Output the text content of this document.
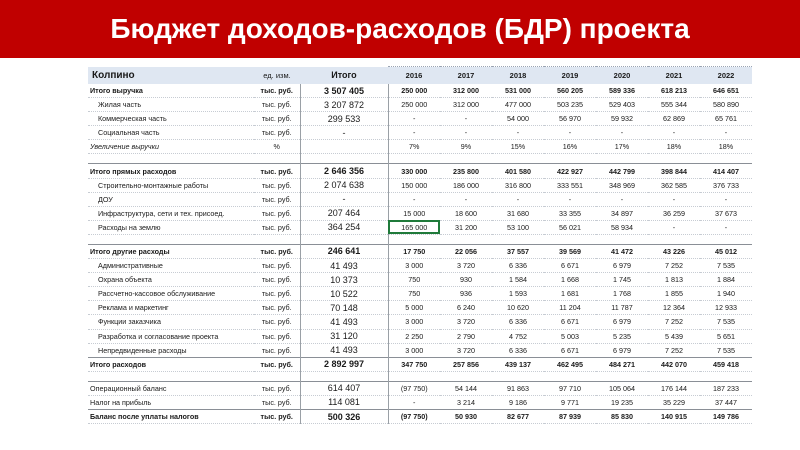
Бюджет доходов-расходов (БДР) проекта
Колпино	ед. изм.	Итого	2016	2017	2018	2019	2020	2021	2022
Итого выручка	тыс. руб.	3 507 405	250 000	312 000	531 000	560 205	589 336	618 213	646 651
Жилая часть	тыс. руб.	3 207 872	250 000	312 000	477 000	503 235	529 403	555 344	580 890
Коммерческая часть	тыс. руб.	299 533	-	-	54 000	56 970	59 932	62 869	65 761
Социальная часть	тыс. руб.	-	-	-	-	-	-	-	-
Увеличение выручки	%		7%	9%	15%	16%	17%	18%	18%

Итого прямых расходов	тыс. руб.	2 646 356	330 000	235 800	401 580	422 927	442 799	398 844	414 407
Строительно-монтажные работы	тыс. руб.	2 074 638	150 000	186 000	316 800	333 551	348 969	362 585	376 733
ДОУ	тыс. руб.	-	-	-	-	-	-	-	-
Инфраструктура, сети и тех. присоед.	тыс. руб.	207 464	15 000	18 600	31 680	33 355	34 897	36 259	37 673
Расходы на землю	тыс. руб.	364 254	165 000	31 200	53 100	56 021	58 934	-	-

Итого другие расходы	тыс. руб.	246 641	17 750	22 056	37 557	39 569	41 472	43 226	45 012
Административные	тыс. руб.	41 493	3 000	3 720	6 336	6 671	6 979	7 252	7 535
Охрана объекта	тыс. руб.	10 373	750	930	1 584	1 668	1 745	1 813	1 884
Рассчетно-кассовое обслуживание	тыс. руб.	10 522	750	936	1 593	1 681	1 768	1 855	1 940
Реклама и маркетинг	тыс. руб.	70 148	5 000	6 240	10 620	11 204	11 787	12 364	12 933
Функции заказчика	тыс. руб.	41 493	3 000	3 720	6 336	6 671	6 979	7 252	7 535
Разработка и согласование проекта	тыс. руб.	31 120	2 250	2 790	4 752	5 003	5 235	5 439	5 651
Непредвиденные расходы	тыс. руб.	41 493	3 000	3 720	6 336	6 671	6 979	7 252	7 535
Итого расходов	тыс. руб.	2 892 997	347 750	257 856	439 137	462 495	484 271	442 070	459 418

Операционный баланс	тыс. руб.	614 407	(97 750)	54 144	91 863	97 710	105 064	176 144	187 233
Налог на прибыль	тыс. руб.	114 081	-	3 214	9 186	9 771	19 235	35 229	37 447
Баланс после уплаты налогов	тыс. руб.	500 326	(97 750)	50 930	82 677	87 939	85 830	140 915	149 786
